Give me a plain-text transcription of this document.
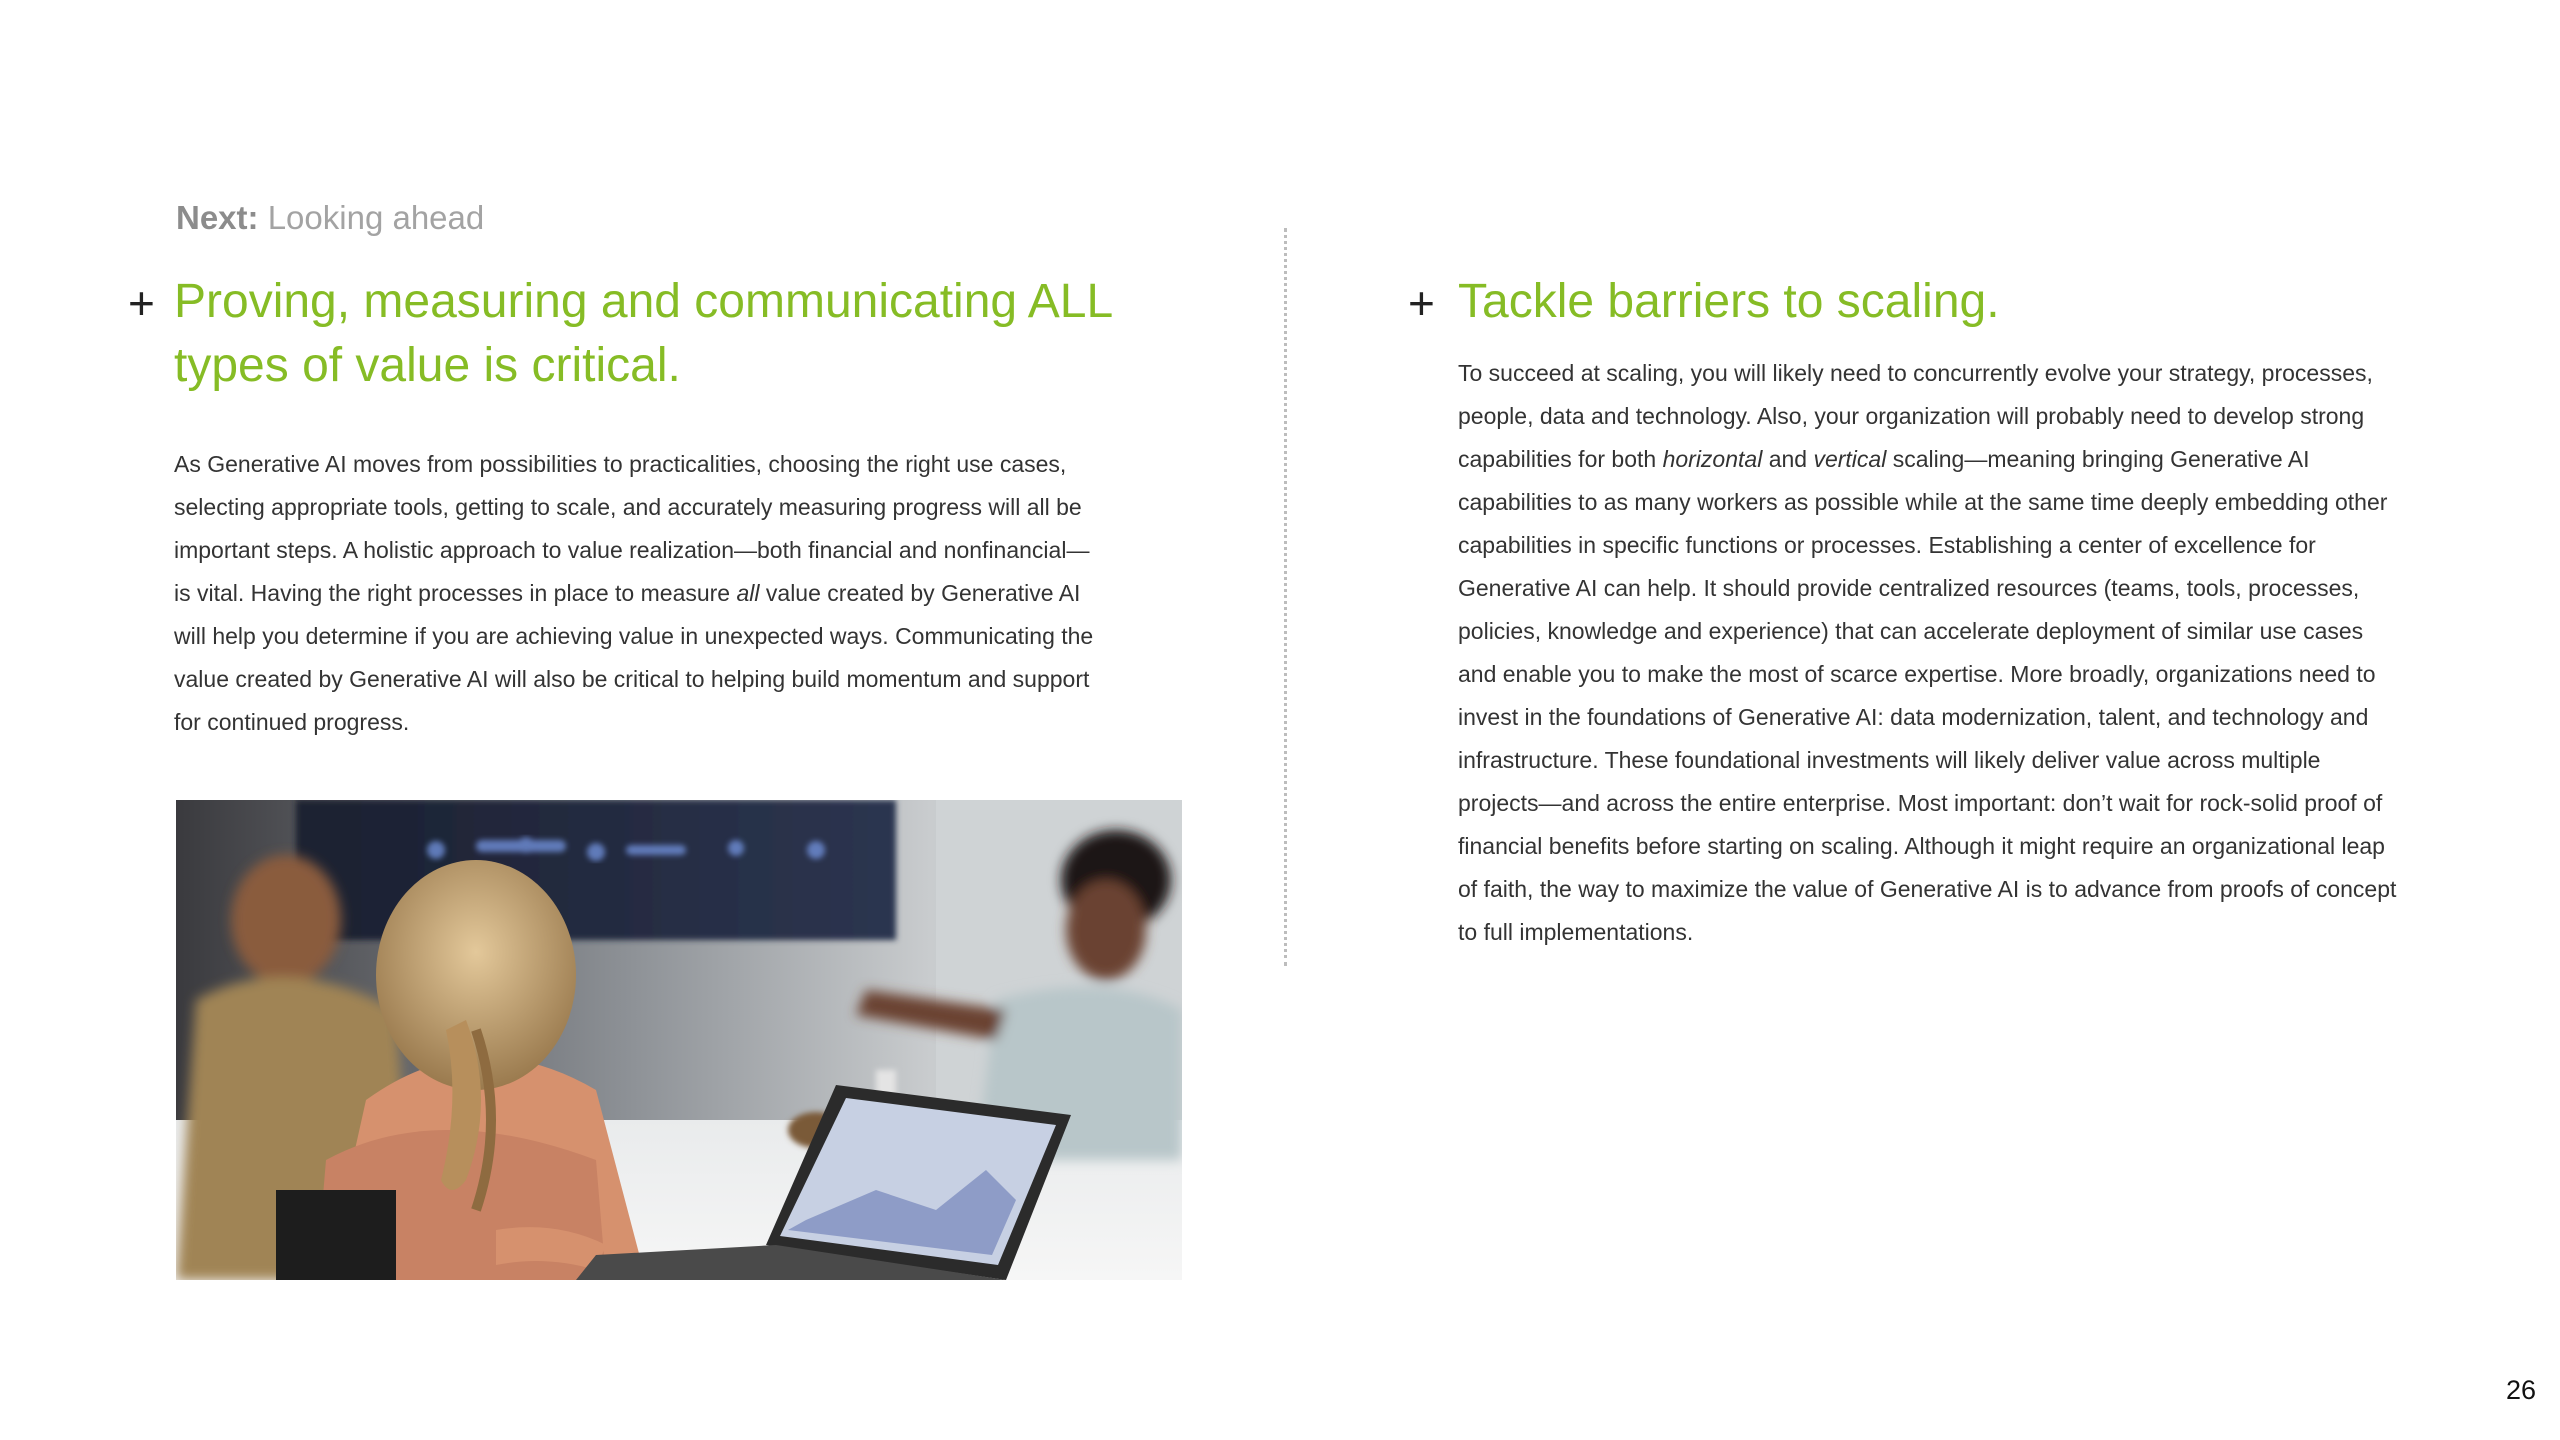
Next: Looking ahead
+ Proving, measuring and communicating ALL types of value is critical.

As Generative AI moves from possibilities to practicalities, choosing the right use cases, selecting appropriate tools, getting to scale, and accurately measuring progress will all be important steps. A holistic approach to value realization—both financial and nonfinancial—is vital. Having the right processes in place to measure all value created by Generative AI will help you determine if you are achieving value in unexpected ways. Communicating the value created by Generative AI will also be critical to helping build momentum and support for continued progress.

+ Tackle barriers to scaling.

To succeed at scaling, you will likely need to concurrently evolve your strategy, processes, people, data and technology. Also, your organization will probably need to develop strong capabilities for both horizontal and vertical scaling—meaning bringing Generative AI capabilities to as many workers as possible while at the same time deeply embedding other capabilities in specific functions or processes. Establishing a center of excellence for Generative AI can help. It should provide centralized resources (teams, tools, processes, policies, knowledge and experience) that can accelerate deployment of similar use cases and enable you to make the most of scarce expertise. More broadly, organizations need to invest in the foundations of Generative AI: data modernization, talent, and technology and infrastructure. These foundational investments will likely deliver value across multiple projects—and across the entire enterprise. Most important: don’t wait for rock-solid proof of financial benefits before starting on scaling. Although it might require an organizational leap of faith, the way to maximize the value of Generative AI is to advance from proofs of concept to full implementations.

26
